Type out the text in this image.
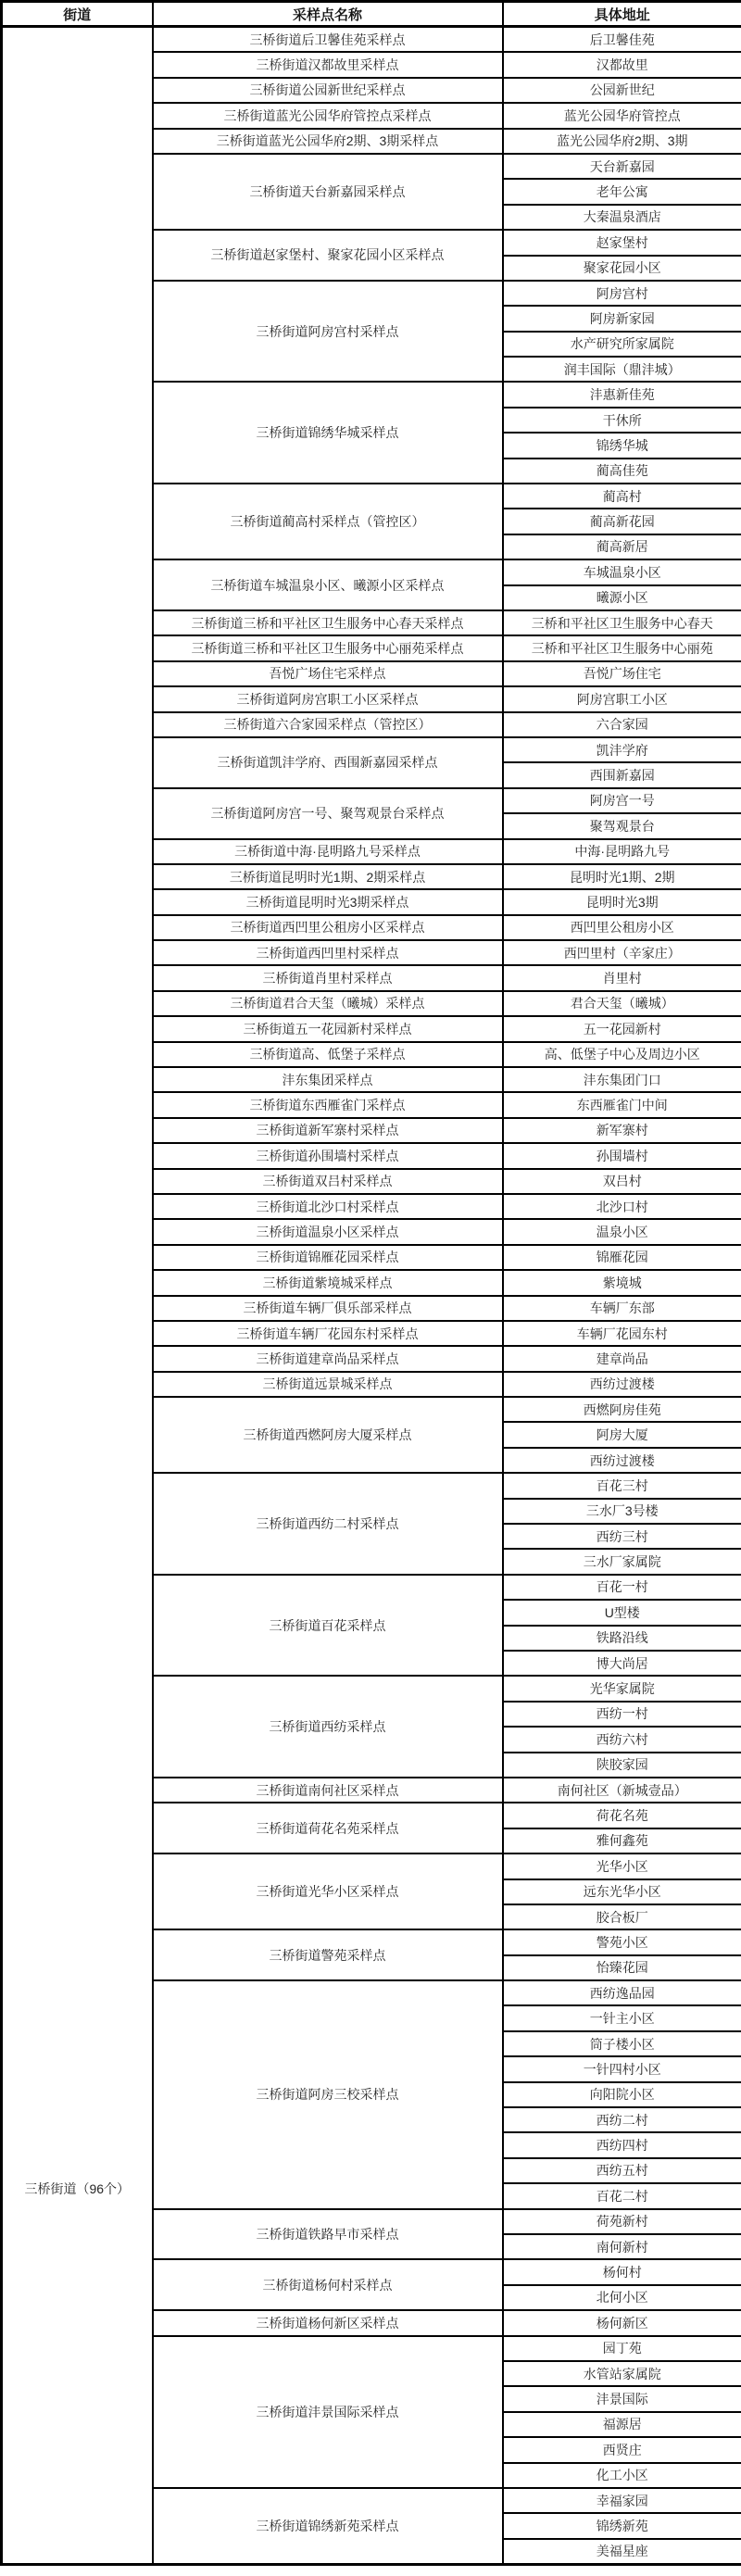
街道	采样点名称	具体地址

三桥街道（96个）	三桥街道后卫馨佳苑采样点	后卫馨佳苑
	三桥街道汉都故里采样点	汉都故里
	三桥街道公园新世纪采样点	公园新世纪
	三桥街道蓝光公园华府管控点采样点	蓝光公园华府管控点
	三桥街道蓝光公园华府2期、3期采样点	蓝光公园华府2期、3期
	三桥街道天台新嘉园采样点	天台新嘉园
		老年公寓
		大秦温泉酒店
	三桥街道赵家堡村、聚家花园小区采样点	赵家堡村
		聚家花园小区
	三桥街道阿房宫村采样点	阿房宫村
		阿房新家园
		水产研究所家属院
		润丰国际（鼎沣城）
	三桥街道锦绣华城采样点	沣惠新佳苑
		干休所
		锦绣华城
		蔺高佳苑
	三桥街道蔺高村采样点（管控区）	蔺高村
		蔺高新花园
		蔺高新居
	三桥街道车城温泉小区、曦源小区采样点	车城温泉小区
		曦源小区
	三桥街道三桥和平社区卫生服务中心春天采样点	三桥和平社区卫生服务中心春天
	三桥街道三桥和平社区卫生服务中心丽苑采样点	三桥和平社区卫生服务中心丽苑
	吾悦广场住宅采样点	吾悦广场住宅
	三桥街道阿房宫职工小区采样点	阿房宫职工小区
	三桥街道六合家园采样点（管控区）	六合家园
	三桥街道凯沣学府、西围新嘉园采样点	凯沣学府
		西围新嘉园
	三桥街道阿房宫一号、聚驾观景台采样点	阿房宫一号
		聚驾观景台
	三桥街道中海·昆明路九号采样点	中海·昆明路九号
	三桥街道昆明时光1期、2期采样点	昆明时光1期、2期
	三桥街道昆明时光3期采样点	昆明时光3期
	三桥街道西凹里公租房小区采样点	西凹里公租房小区
	三桥街道西凹里村采样点	西凹里村（辛家庄）
	三桥街道肖里村采样点	肖里村
	三桥街道君合天玺（曦城）采样点	君合天玺（曦城）
	三桥街道五一花园新村采样点	五一花园新村
	三桥街道高、低堡子采样点	高、低堡子中心及周边小区
	沣东集团采样点	沣东集团门口
	三桥街道东西雁雀门采样点	东西雁雀门中间
	三桥街道新军寨村采样点	新军寨村
	三桥街道孙围墙村采样点	孙围墙村
	三桥街道双吕村采样点	双吕村
	三桥街道北沙口村采样点	北沙口村
	三桥街道温泉小区采样点	温泉小区
	三桥街道锦雁花园采样点	锦雁花园
	三桥街道紫境城采样点	紫境城
	三桥街道车辆厂俱乐部采样点	车辆厂东部
	三桥街道车辆厂花园东村采样点	车辆厂花园东村
	三桥街道建章尚品采样点	建章尚品
	三桥街道远景城采样点	西纺过渡楼
	三桥街道西燃阿房大厦采样点	西燃阿房佳苑
		阿房大厦
		西纺过渡楼
	三桥街道西纺二村采样点	百花三村
		三水厂3号楼
		西纺三村
		三水厂家属院
	三桥街道百花采样点	百花一村
		U型楼
		铁路沿线
		博大尚居
	三桥街道西纺采样点	光华家属院
		西纺一村
		西纺六村
		陕胶家园
	三桥街道南何社区采样点	南何社区（新城壹品）
	三桥街道荷花名苑采样点	荷花名苑
		雅何鑫苑
	三桥街道光华小区采样点	光华小区
		远东光华小区
		胶合板厂
	三桥街道警苑采样点	警苑小区
		怡臻花园
	三桥街道阿房三校采样点	西纺逸品园
		一针主小区
		筒子楼小区
		一针四村小区
		向阳院小区
		西纺二村
		西纺四村
		西纺五村
		百花二村
	三桥街道铁路早市采样点	荷苑新村
		南何新村
	三桥街道杨何村采样点	杨何村
		北何小区
	三桥街道杨何新区采样点	杨何新区
	三桥街道沣景国际采样点	园丁苑
		水管站家属院
		沣景国际
		福源居
		西贤庄
		化工小区
	三桥街道锦绣新苑采样点	幸福家园
		锦绣新苑
		美福星座
